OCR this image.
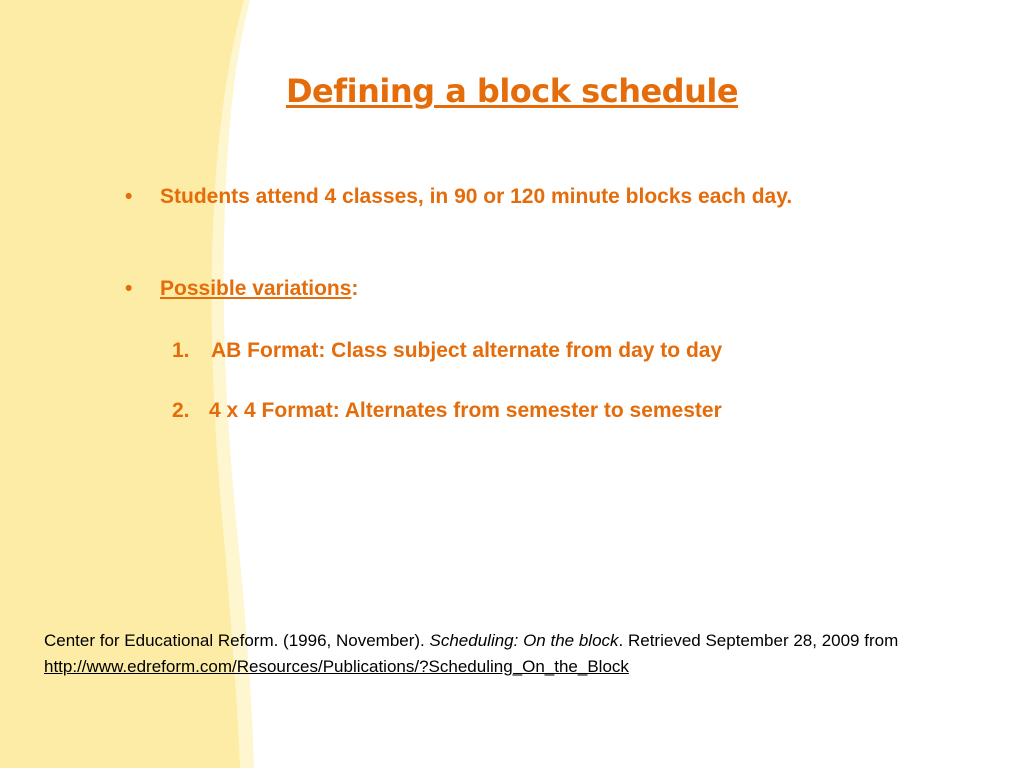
Defining a block schedule
• Students attend 4 classes, in 90 or 120 minute blocks each day.
• Possible variations:
1. AB Format: Class subject alternate from day to day
2. 4 x 4 Format: Alternates from semester to semester
Center for Educational Reform. (1996, November). Scheduling: On the block. Retrieved September 28, 2009 from http://www.edreform.com/Resources/Publications/?Scheduling_On_the_Block
